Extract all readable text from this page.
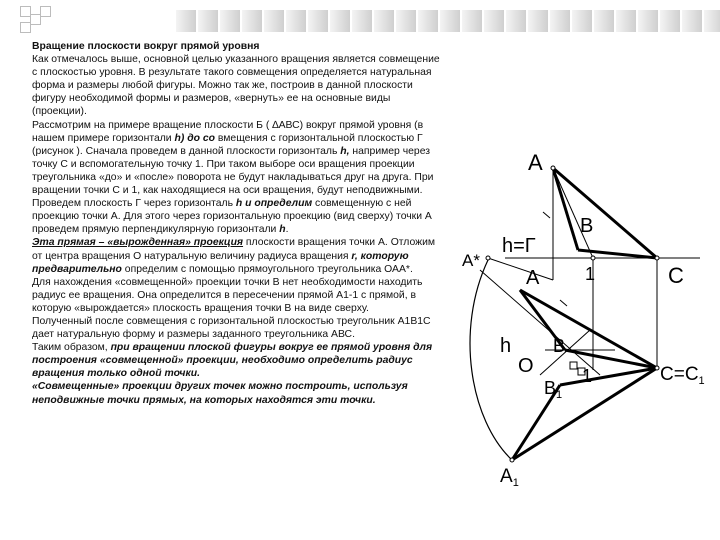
Вращение плоскости вокруг прямой уровня

Как отмечалось выше, основной целью указанного вращения является совмещение с плоскостью уровня. В результате такого совмещения определяется натуральная форма и размеры любой фигуры. Можно так же, построив в данной плоскости фигуру необходимой формы и размеров, «вернуть» ее на основные виды (проекции).

Рассмотрим на примере вращение плоскости Б ( ∆АВС) вокруг прямой уровня (в нашем примере горизонтали h) до со вмещения с горизонтальной плоскостью Г (рисунок ). Сначала проведем в данной плоскости горизонталь h, например через точку С и вспомогательную точку 1. При таком выборе оси вращения проекции треугольника «до» и «после» поворота не будут накладываться друг на друга. При вращении точки С и 1, как находящиеся на оси вращения, будут неподвижными. Проведем плоскость Г через горизонталь h и определим совмещенную с ней проекцию точки А. Для этого через горизонтальную проекцию (вид сверху) точки А проведем прямую перпендикулярную горизонтали h.

Эта прямая – «вырожденная» проекция плоскости вращения точки А. Отложим от центра вращения О натуральную величину радиуса вращения r, которую предварительно определим с помощью прямоугольного треугольника ОАА*.

Для нахождения «совмещенной» проекции точки В нет необходимости находить радиус ее вращения. Она определится в пересечении прямой А1-1 с прямой, в которую «вырождается» плоскость вращения точки В на виде сверху.

Полученный после совмещения с горизонтальной плоскостью треугольник А1В1С дает натуральную форму и размеры заданного треугольника АВС.

Таким образом, при вращении плоской фигуры вокруг ее прямой уровня для построения «совмещенной» проекции, необходимо определить радиус вращения только одной точки.

«Совмещенные» проекции других точек можно построить, используя неподвижные точки прямых, на которых находятся эти точки.

A
B
h=Г
A*
A	1	C
h
O
B
$B_1$
1	$C=C_1$
$A_1$
